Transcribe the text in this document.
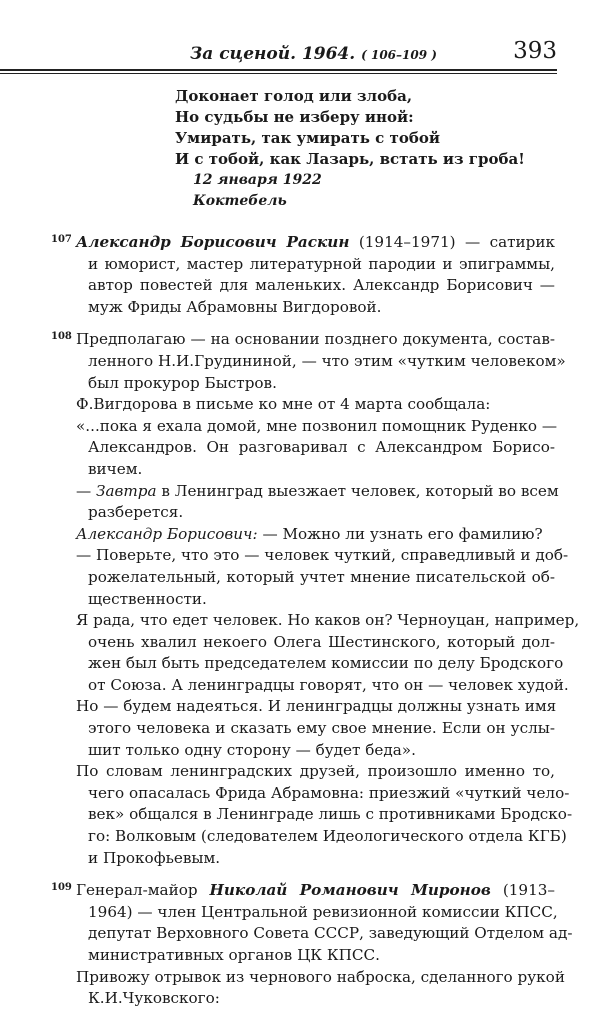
За сценой. 1964. ( 106–109 )	393
Доконает голод или злоба,
Но судьбы не изберу иной:
Умирать, так умирать с тобой
И с тобой, как Лазарь, встать из гроба!
12 января 1922
Коктебель
107 Александр Борисович Раскин (1914–1971) — сатирик
и юморист, мастер литературной пародии и эпиграммы,
автор повестей для маленьких. Александр Борисович —
муж Фриды Абрамовны Вигдоровой.
108 Предполагаю — на основании позднего документа, состав-
ленного Н.И.Грудининой, — что этим «чутким человеком»
был прокурор Быстров.
Ф.Вигдорова в письме ко мне от 4 марта сообщала:
«...пока я ехала домой, мне позвонил помощник Руденко —
Александров. Он разговаривал с Александром Борисо-
вичем.
— Завтра в Ленинград выезжает человек, который во всем
разберется.
Александр Борисович: — Можно ли узнать его фамилию?
— Поверьте, что это — человек чуткий, справедливый и доб-
рожелательный, который учтет мнение писательской об-
щественности.
Я рада, что едет человек. Но каков он? Черноуцан, например,
очень хвалил некоего Олега Шестинского, который дол-
жен был быть председателем комиссии по делу Бродского
от Союза. А ленинградцы говорят, что он — человек худой.
Но — будем надеяться. И ленинградцы должны узнать имя
этого человека и сказать ему свое мнение. Если он услы-
шит только одну сторону — будет беда».
По словам ленинградских друзей, произошло именно то,
чего опасалась Фрида Абрамовна: приезжий «чуткий чело-
век» общался в Ленинграде лишь с противниками Бродско-
го: Волковым (следователем Идеологического отдела КГБ)
и Прокофьевым.
109 Генерал-майор Николай Романович Миронов (1913–
1964) — член Центральной ревизионной комиссии КПСС,
депутат Верховного Совета СССР, заведующий Отделом ад-
министративных органов ЦК КПСС.
Привожу отрывок из чернового наброска, сделанного рукой
К.И.Чуковского:
